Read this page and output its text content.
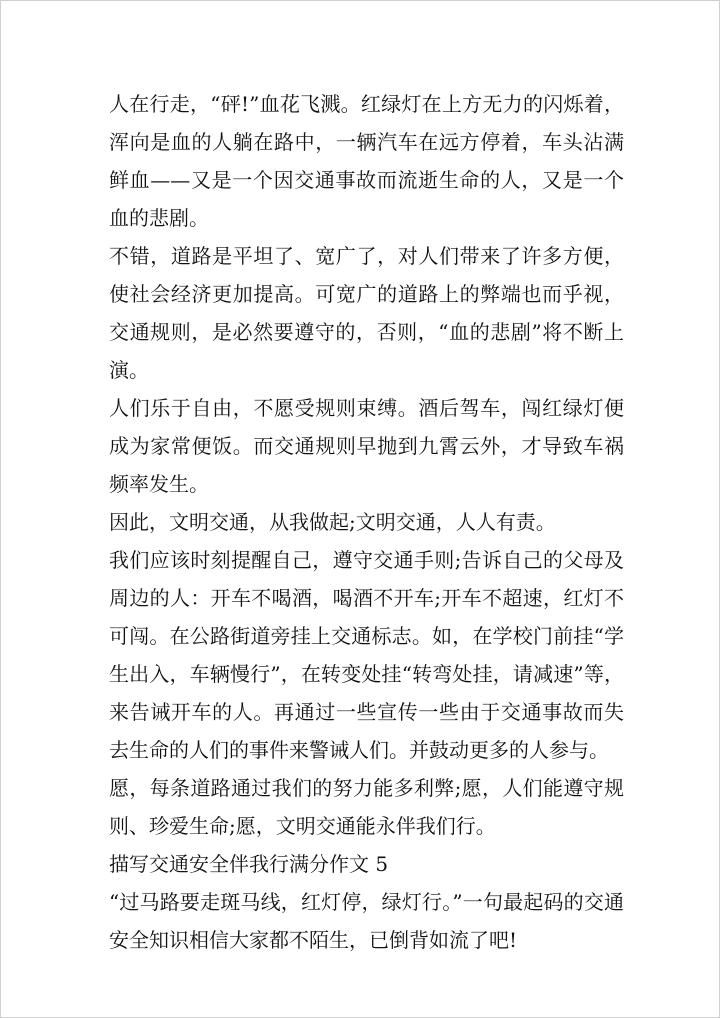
人在行走，“砰!”血花飞溅。红绿灯在上方无力的闪烁着，浑向是血的人躺在路中，一辆汽车在远方停着，车头沾满鲜血——又是一个因交通事故而流逝生命的人，又是一个血的悲剧。

不错，道路是平坦了、宽广了，对人们带来了许多方便，使社会经济更加提高。可宽广的道路上的弊端也而乎视，交通规则，是必然要遵守的，否则，“血的悲剧”将不断上演。

人们乐于自由，不愿受规则束缚。酒后驾车，闯红绿灯便成为家常便饭。而交通规则早抛到九霄云外，才导致车祸频率发生。

因此，文明交通，从我做起;文明交通，人人有责。

我们应该时刻提醒自己，遵守交通手则;告诉自己的父母及周边的人：开车不喝酒，喝酒不开车;开车不超速，红灯不可闯。在公路街道旁挂上交通标志。如，在学校门前挂“学生出入，车辆慢行”，在转变处挂“转弯处挂，请减速”等，来告诫开车的人。再通过一些宣传一些由于交通事故而失去生命的人们的事件来警诫人们。并鼓动更多的人参与。

愿，每条道路通过我们的努力能多利弊;愿，人们能遵守规则、珍爱生命;愿，文明交通能永伴我们行。

描写交通安全伴我行满分作文 5

“过马路要走斑马线，红灯停，绿灯行。”一句最起码的交通安全知识相信大家都不陌生，已倒背如流了吧!
